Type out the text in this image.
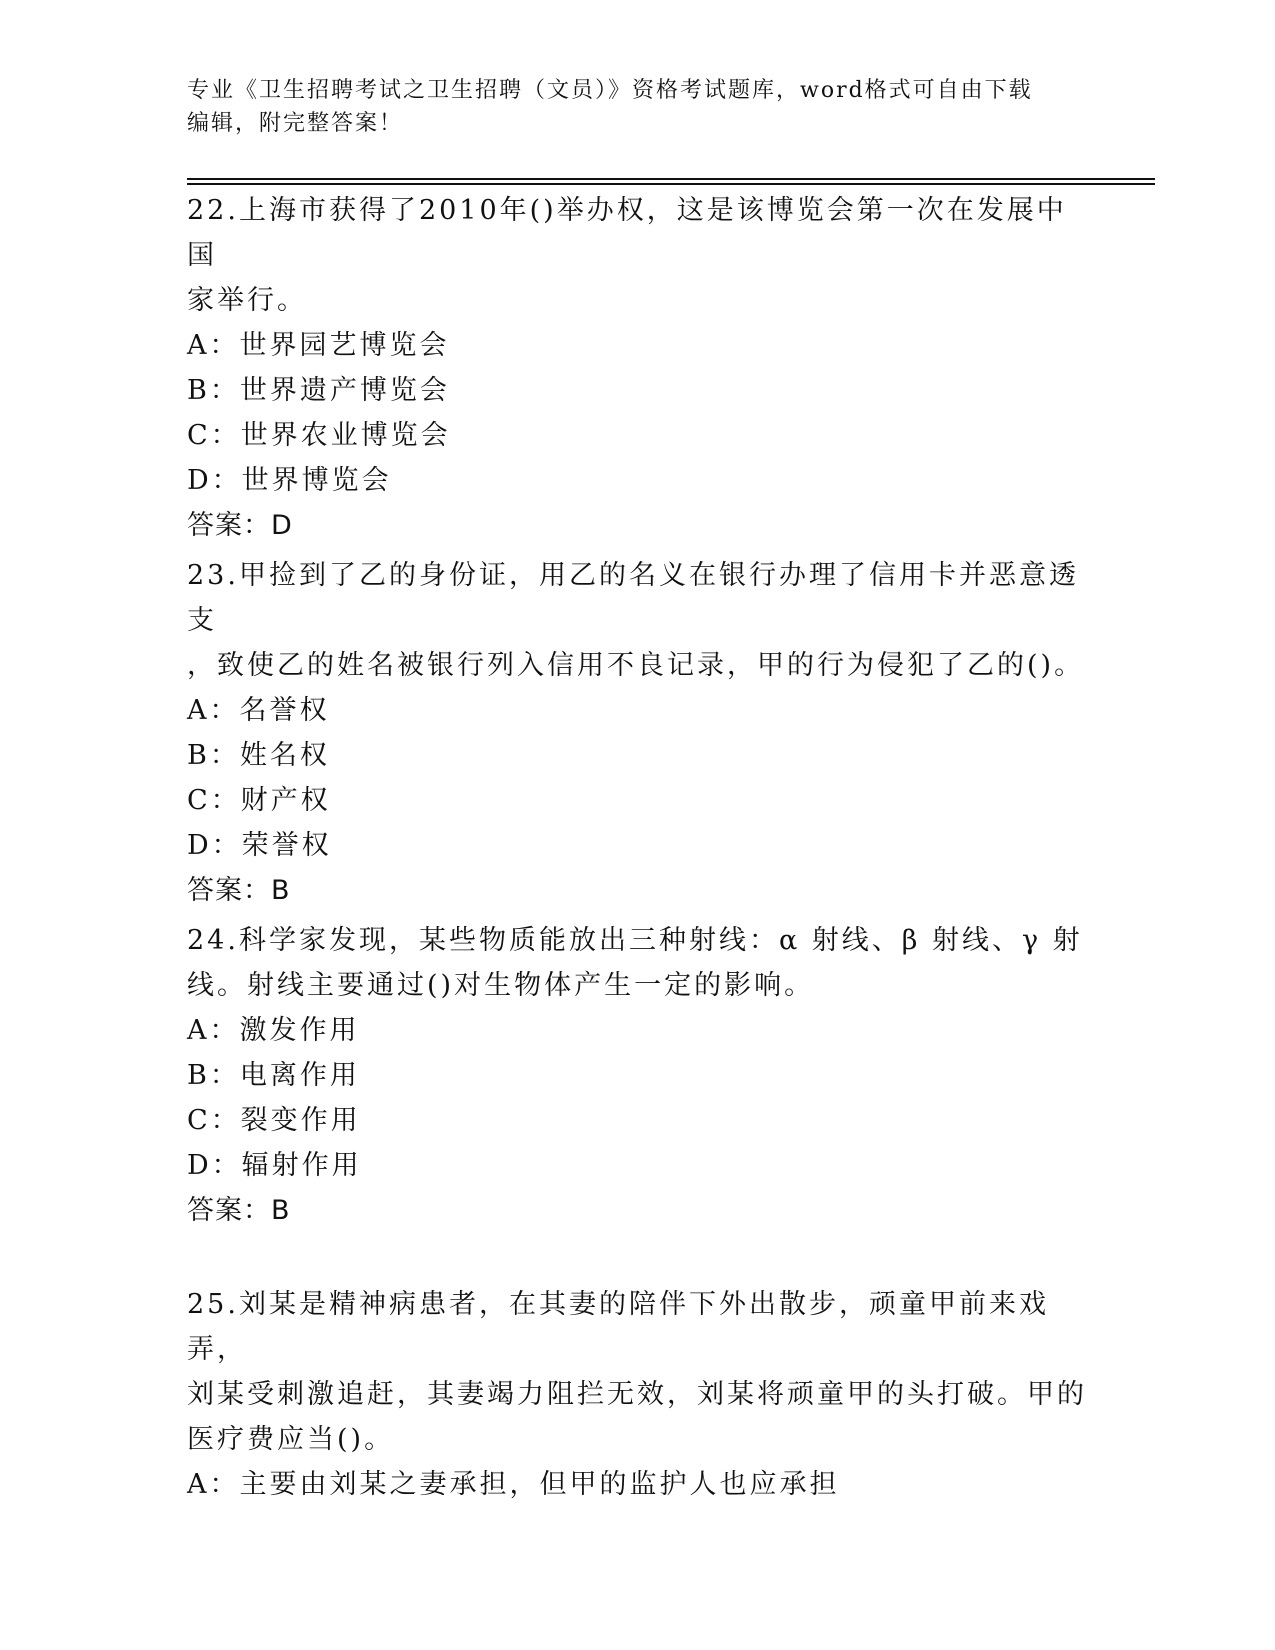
专业《卫生招聘考试之卫生招聘（文员）》资格考试题库，word格式可自由下载
编辑，附完整答案！

22.上海市获得了2010年()举办权，这是该博览会第一次在发展中国

家举行。

A：世界园艺博览会

B：世界遗产博览会

C：世界农业博览会

D：世界博览会

答案：D

23.甲捡到了乙的身份证，用乙的名义在银行办理了信用卡并恶意透支

，致使乙的姓名被银行列入信用不良记录，甲的行为侵犯了乙的()。

A：名誉权

B：姓名权

C：财产权

D：荣誉权

答案：B

24.科学家发现，某些物质能放出三种射线：α 射线、β 射线、γ 射

线。射线主要通过()对生物体产生一定的影响。

A：激发作用

B：电离作用

C：裂变作用

D：辐射作用

答案：B

25.刘某是精神病患者，在其妻的陪伴下外出散步，顽童甲前来戏弄，

刘某受刺激追赶，其妻竭力阻拦无效，刘某将顽童甲的头打破。甲的

医疗费应当()。

A：主要由刘某之妻承担，但甲的监护人也应承担
